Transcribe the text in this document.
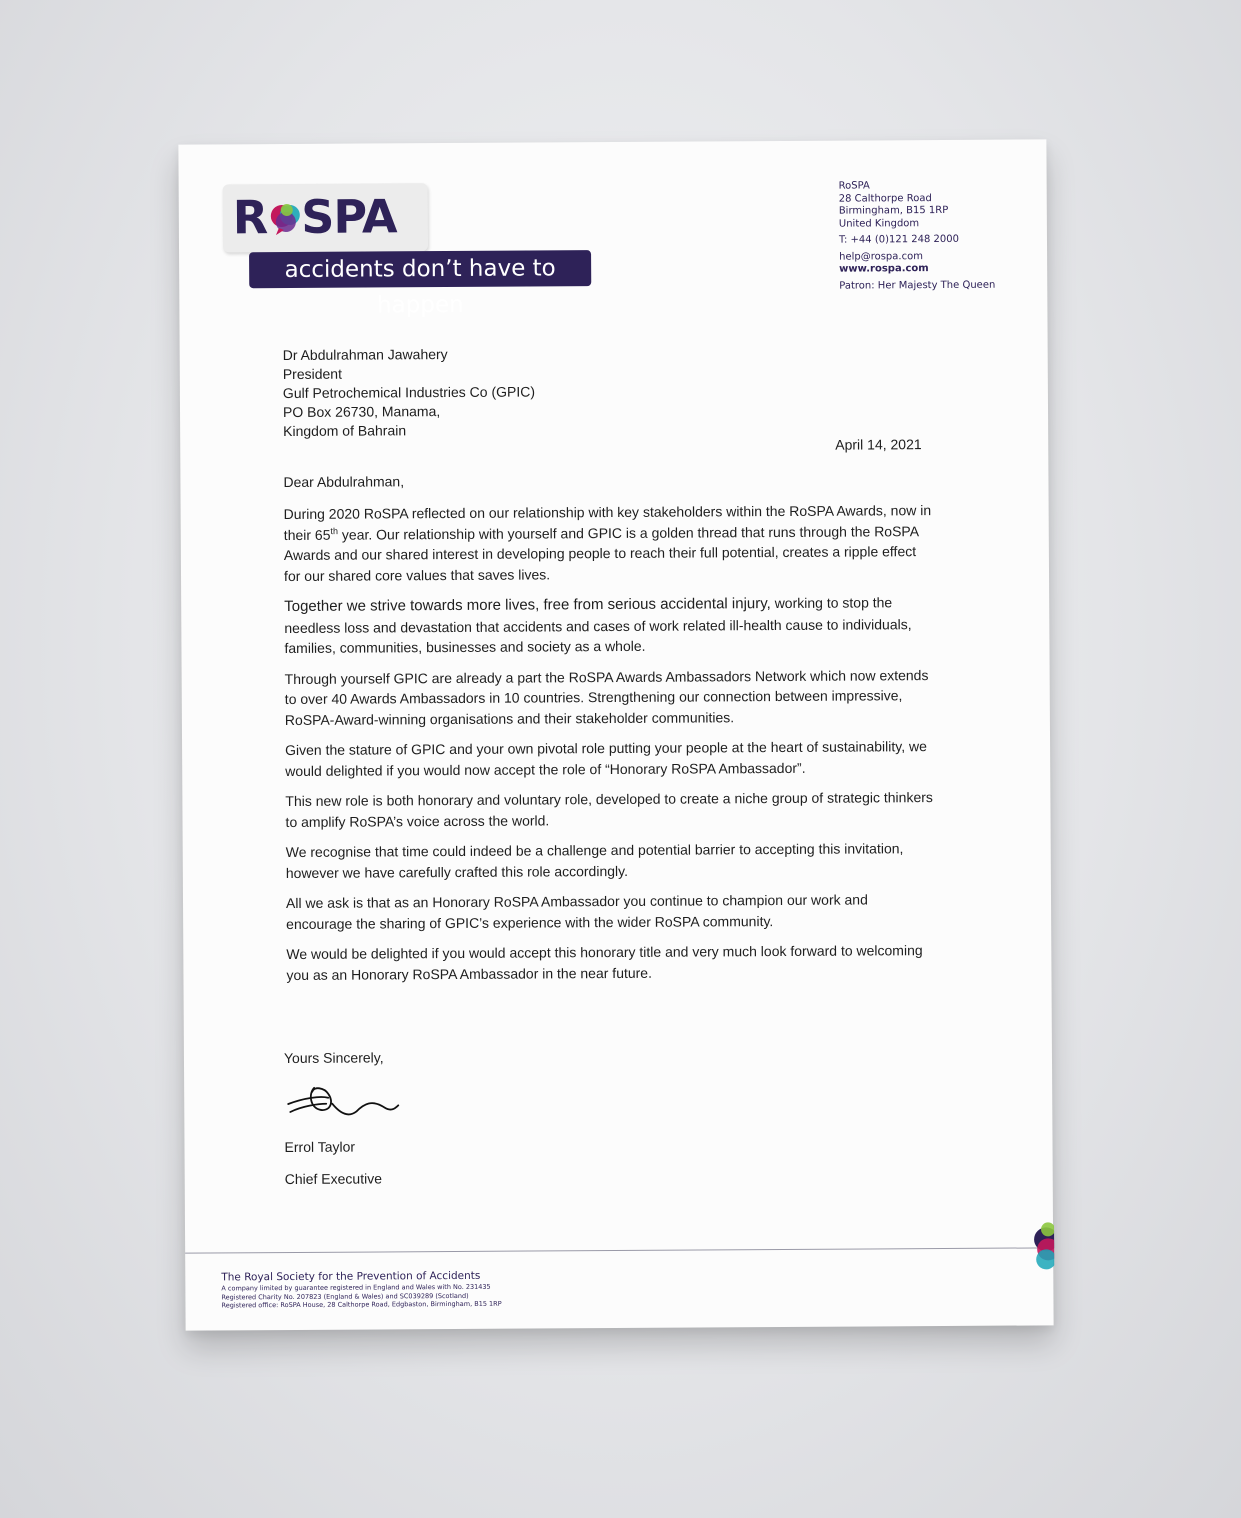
R SPA
accidents don’t have to happen
RoSPA
28 Calthorpe Road
Birmingham, B15 1RP
United Kingdom
T: +44 (0)121 248 2000
help@rospa.com
www.rospa.com
Patron: Her Majesty The Queen
Dr Abdulrahman Jawahery
President
Gulf Petrochemical Industries Co (GPIC)
PO Box 26730, Manama,
Kingdom of Bahrain
April 14, 2021
Dear Abdulrahman,

During 2020 RoSPA reflected on our relationship with key stakeholders within the RoSPA Awards, now in their 65th year. Our relationship with yourself and GPIC is a golden thread that runs through the RoSPA Awards and our shared interest in developing people to reach their full potential, creates a ripple effect for our shared core values that saves lives.

Together we strive towards more lives, free from serious accidental injury, working to stop the needless loss and devastation that accidents and cases of work related ill-health cause to individuals, families, communities, businesses and society as a whole.

Through yourself GPIC are already a part the RoSPA Awards Ambassadors Network which now extends to over 40 Awards Ambassadors in 10 countries. Strengthening our connection between impressive, RoSPA-Award-winning organisations and their stakeholder communities.

Given the stature of GPIC and your own pivotal role putting your people at the heart of sustainability, we would delighted if you would now accept the role of “Honorary RoSPA Ambassador”.

This new role is both honorary and voluntary role, developed to create a niche group of strategic thinkers to amplify RoSPA’s voice across the world.

We recognise that time could indeed be a challenge and potential barrier to accepting this invitation, however we have carefully crafted this role accordingly.

All we ask is that as an Honorary RoSPA Ambassador you continue to champion our work and encourage the sharing of GPIC’s experience with the wider RoSPA community.

We would be delighted if you would accept this honorary title and very much look forward to welcoming you as an Honorary RoSPA Ambassador in the near future.

Yours Sincerely,
Errol Taylor
Chief Executive
The Royal Society for the Prevention of Accidents
A company limited by guarantee registered in England and Wales with No. 231435
Registered Charity No. 207823 (England & Wales) and SC039289 (Scotland)
Registered office: RoSPA House, 28 Calthorpe Road, Edgbaston, Birmingham, B15 1RP
